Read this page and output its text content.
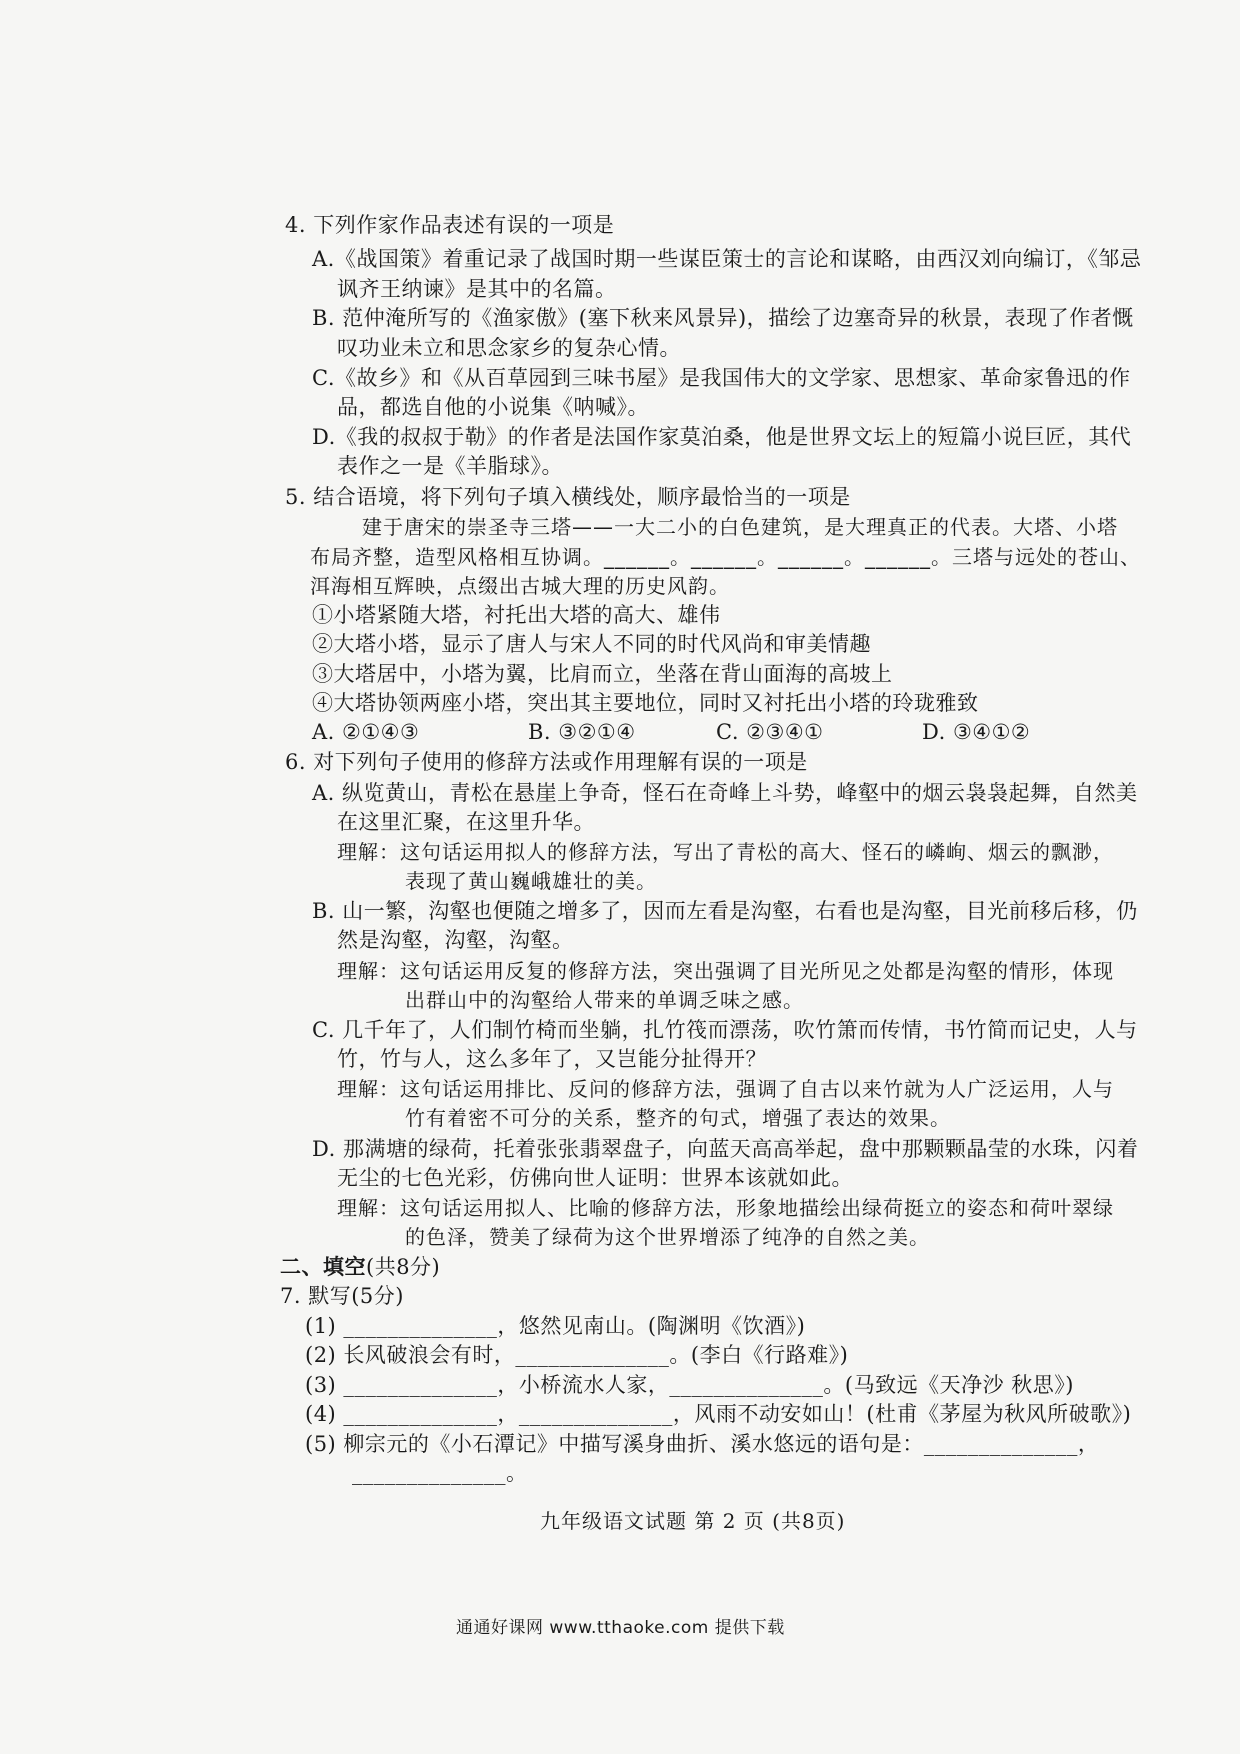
4. 下列作家作品表述有误的一项是
A.《战国策》着重记录了战国时期一些谋臣策士的言论和谋略，由西汉刘向编订，《邹忌
讽齐王纳谏》是其中的名篇。
B. 范仲淹所写的《渔家傲》(塞下秋来风景异)，描绘了边塞奇异的秋景，表现了作者慨
叹功业未立和思念家乡的复杂心情。
C.《故乡》和《从百草园到三味书屋》是我国伟大的文学家、思想家、革命家鲁迅的作
品，都选自他的小说集《呐喊》。
D.《我的叔叔于勒》的作者是法国作家莫泊桑，他是世界文坛上的短篇小说巨匠，其代
表作之一是《羊脂球》。
5. 结合语境，将下列句子填入横线处，顺序最恰当的一项是
建于唐宋的崇圣寺三塔——一大二小的白色建筑，是大理真正的代表。大塔、小塔
布局齐整，造型风格相互协调。______。______。______。______。三塔与远处的苍山、
洱海相互辉映，点缀出古城大理的历史风韵。
①小塔紧随大塔，衬托出大塔的高大、雄伟
②大塔小塔，显示了唐人与宋人不同的时代风尚和审美情趣
③大塔居中，小塔为翼，比肩而立，坐落在背山面海的高坡上
④大塔协领两座小塔，突出其主要地位，同时又衬托出小塔的玲珑雅致
A. ②①④③	B. ③②①④	C. ②③④①	D. ③④①②
6. 对下列句子使用的修辞方法或作用理解有误的一项是
A. 纵览黄山，青松在悬崖上争奇，怪石在奇峰上斗势，峰壑中的烟云袅袅起舞，自然美
在这里汇聚，在这里升华。
理解：这句话运用拟人的修辞方法，写出了青松的高大、怪石的嶙峋、烟云的飘渺，
表现了黄山巍峨雄壮的美。
B. 山一繁，沟壑也便随之增多了，因而左看是沟壑，右看也是沟壑，目光前移后移，仍
然是沟壑，沟壑，沟壑。
理解：这句话运用反复的修辞方法，突出强调了目光所见之处都是沟壑的情形，体现
出群山中的沟壑给人带来的单调乏味之感。
C. 几千年了，人们制竹椅而坐躺，扎竹筏而漂荡，吹竹箫而传情，书竹简而记史，人与
竹，竹与人，这么多年了，又岂能分扯得开？
理解：这句话运用排比、反问的修辞方法，强调了自古以来竹就为人广泛运用，人与
竹有着密不可分的关系，整齐的句式，增强了表达的效果。
D. 那满塘的绿荷，托着张张翡翠盘子，向蓝天高高举起，盘中那颗颗晶莹的水珠，闪着
无尘的七色光彩，仿佛向世人证明：世界本该就如此。
理解：这句话运用拟人、比喻的修辞方法，形象地描绘出绿荷挺立的姿态和荷叶翠绿
的色泽，赞美了绿荷为这个世界增添了纯净的自然之美。
二、填空(共8分)
7. 默写(5分)
(1) ______________，悠然见南山。(陶渊明《饮酒》)
(2) 长风破浪会有时，______________。(李白《行路难》)
(3) ______________，小桥流水人家，______________。(马致远《天净沙 秋思》)
(4) ______________，______________，风雨不动安如山！(杜甫《茅屋为秋风所破歌》)
(5) 柳宗元的《小石潭记》中描写溪身曲折、溪水悠远的语句是：______________，
______________。
九年级语文试题 第 2 页 (共8页)
通通好课网 www.tthaoke.com 提供下载
